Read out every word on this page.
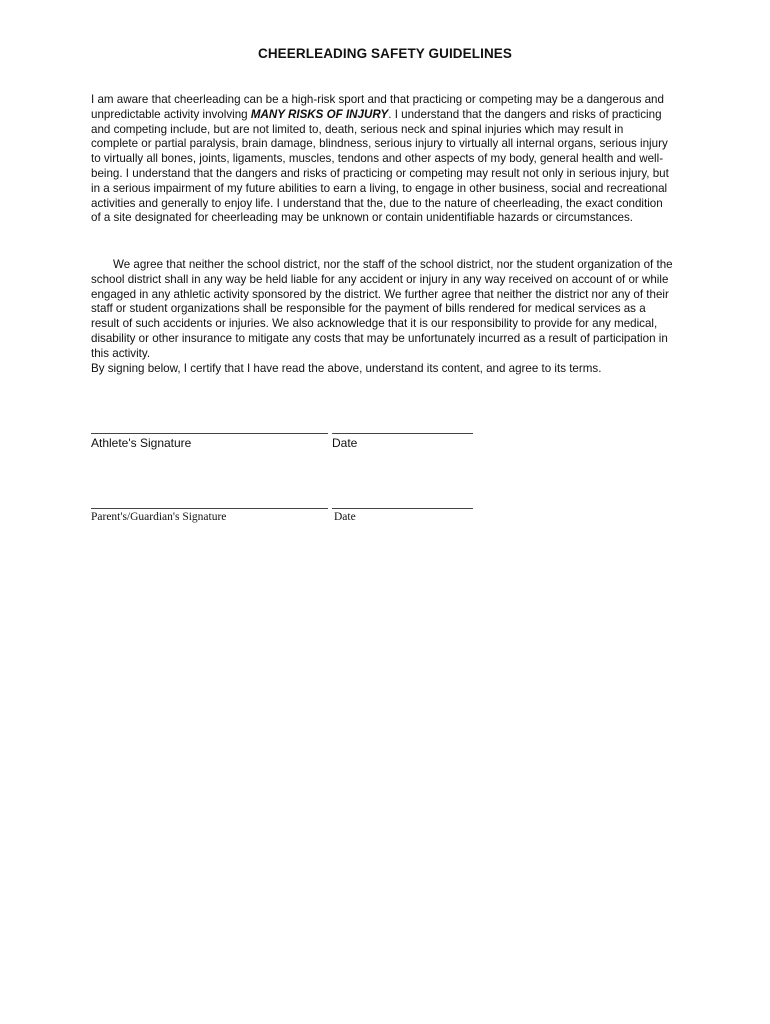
CHEERLEADING SAFETY GUIDELINES

I am aware that cheerleading can be a high-risk sport and that practicing or competing may be a dangerous and unpredictable activity involving MANY RISKS OF INJURY. I understand that the dangers and risks of practicing and competing include, but are not limited to, death, serious neck and spinal injuries which may result in complete or partial paralysis, brain damage, blindness, serious injury to virtually all internal organs, serious injury to virtually all bones, joints, ligaments, muscles, tendons and other aspects of my body, general health and well-being. I understand that the dangers and risks of practicing or competing may result not only in serious injury, but in a serious impairment of my future abilities to earn a living, to engage in other business, social and recreational activities and generally to enjoy life. I understand that the, due to the nature of cheerleading, the exact condition of a site designated for cheerleading may be unknown or contain unidentifiable hazards or circumstances.

We agree that neither the school district, nor the staff of the school district, nor the student organization of the school district shall in any way be held liable for any accident or injury in any way received on account of or while engaged in any athletic activity sponsored by the district. We further agree that neither the district nor any of their staff or student organizations shall be responsible for the payment of bills rendered for medical services as a result of such accidents or injuries. We also acknowledge that it is our responsibility to provide for any medical, disability or other insurance to mitigate any costs that may be unfortunately incurred as a result of participation in this activity.
By signing below, I certify that I have read the above, understand its content, and agree to its terms.

Athlete's Signature	Date
Parent's/Guardian's Signature	Date
